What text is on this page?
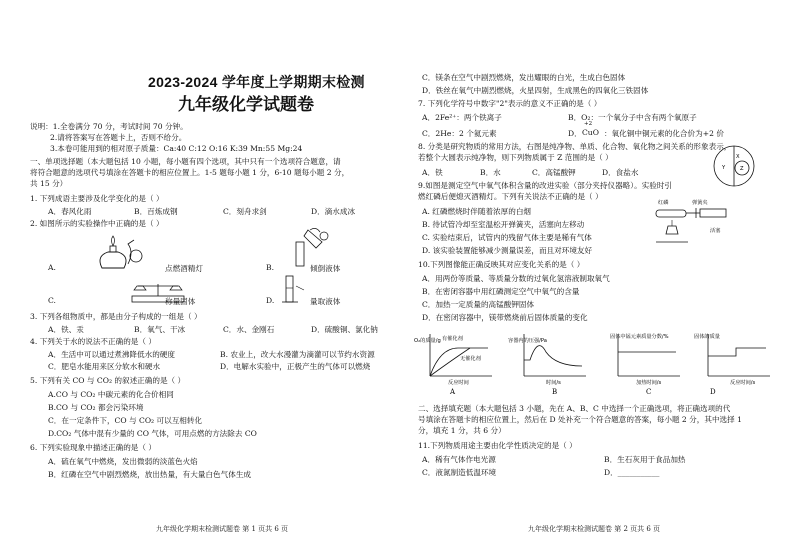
2023-2024 学年度上学期期末检测
九年级化学试题卷
说明：1.全卷满分 70 分，考试时间 70 分钟。
2.请将答案写在答题卡上，否则不给分。
3.本卷可能用到的相对原子质量：Ca:40 C:12 O:16 K:39 Mn:55 Mg:24
一、单项选择题（本大题包括 10 小题，每小题有四个选项，其中只有一个选项符合题意，请
将符合题意的选项代号填涂在答题卡的相应位置上。1-5 题每小题 1 分，6-10 题每小题 2 分，
共 15 分）
1. 下列成语主要涉及化学变化的是（ ）
A．春风化雨	B．百炼成钢	C．刻舟求剑	D．滴水成冰
2. 如图所示的实验操作中正确的是（ ）
A.	点燃酒精灯	B.	倾倒液体
C.	称量固体	D.	量取液体
3. 下列各组物质中，都是由分子构成的一组是（ ）
A．铁、汞	B．氧气、干冰	C．水、金刚石	D．硫酸铜、氯化钠
4. 下列关于水的说法不正确的是（ ）
A．生活中可以通过煮沸降低水的硬度	B. 农业上，改大水漫灌为滴灌可以节约水资源
C．肥皂水能用来区分软水和硬水	D．电解水实验中，正极产生的气体可以燃烧
5. 下列有关 CO 与 CO₂ 的叙述正确的是（ ）
A.CO 与 CO₂ 中碳元素的化合价相同
B.CO 与 CO₂ 都会污染环境
C．在一定条件下，CO 与 CO₂ 可以互相转化
D.CO₂ 气体中混有少量的 CO 气体，可用点燃的方法除去 CO
6. 下列实验现象中描述正确的是（ ）
A．硫在氧气中燃烧，发出微弱的淡蓝色火焰
B．红磷在空气中剧烈燃烧，放出热量，有大量白色气体生成
九年级化学期末检测试题卷 第 1 页共 6 页
C．镁条在空气中剧烈燃烧，发出耀眼的白光，生成白色固体
D．铁丝在氧气中剧烈燃烧，火星四射，生成黑色的四氧化三铁固体
7. 下列化学符号中数字"2"表示的意义不正确的是（ ）
A．2Fe²⁺：两个铁离子	B．O₂：一个氧分子中含有两个氧原子
C．2He：2 个氦元素	D．
+2
CuO ：氧化铜中铜元素的化合价为+2 价
8. 分类是研究物质的常用方法，右图是纯净物、单质、化合物、氧化物之间关系的形象表示，
若整个大圆表示纯净物，则下列物质属于 Z 范围的是（ ）
A．铁	B．水	C．高锰酸钾	D．食盐水	Y
X
Z
9.如图是测定空气中氧气体积含量的改进实验（部分夹持仪器略）。实验时引
燃红磷后便熄灭酒精灯。下列有关说法不正确的是（ ）
A. 红磷燃烧时伴随着浓厚的白烟
B. 待试管冷却至室温松开弹簧夹，活塞向左移动
C. 实验结束后，试管内的残留气体主要是稀有气体
D. 该实验装置能够减少测量误差，而且对环境友好
红磷	弹簧夹
活塞
10.下列图像能正确反映其对应变化关系的是（ ）
A．用两份等质量、等质量分数的过氧化氢溶液制取氧气
B．在密闭容器中用红磷测定空气中氧气的含量
C．加热一定质量的高锰酸钾固体
D．在密闭容器中，镁带燃烧前后固体质量的变化
O₂的质量/g 有催化剂
无催化剂
反应时间
A
容器内的压强/Pa
时间/s
B
固体中锰元素质量分数/%
加热时间/s
C
固体的质量
反应时间/s
D
二、选择填充题（本大题包括 3 小题，先在 A、B、C 中选择一个正确选项，将正确选项的代
号填涂在答题卡的相应位置上，然后在 D 处补充一个符合题意的答案，每小题 2 分，其中选择 1
分，填充 1 分，共 6 分）
11.下列物质用途主要由化学性质决定的是（ ）
A．稀有气体作电光源	B．生石灰用于食品加热
C．液氮制造低温环境	D．___________
九年级化学期末检测试题卷 第 2 页共 6 页
